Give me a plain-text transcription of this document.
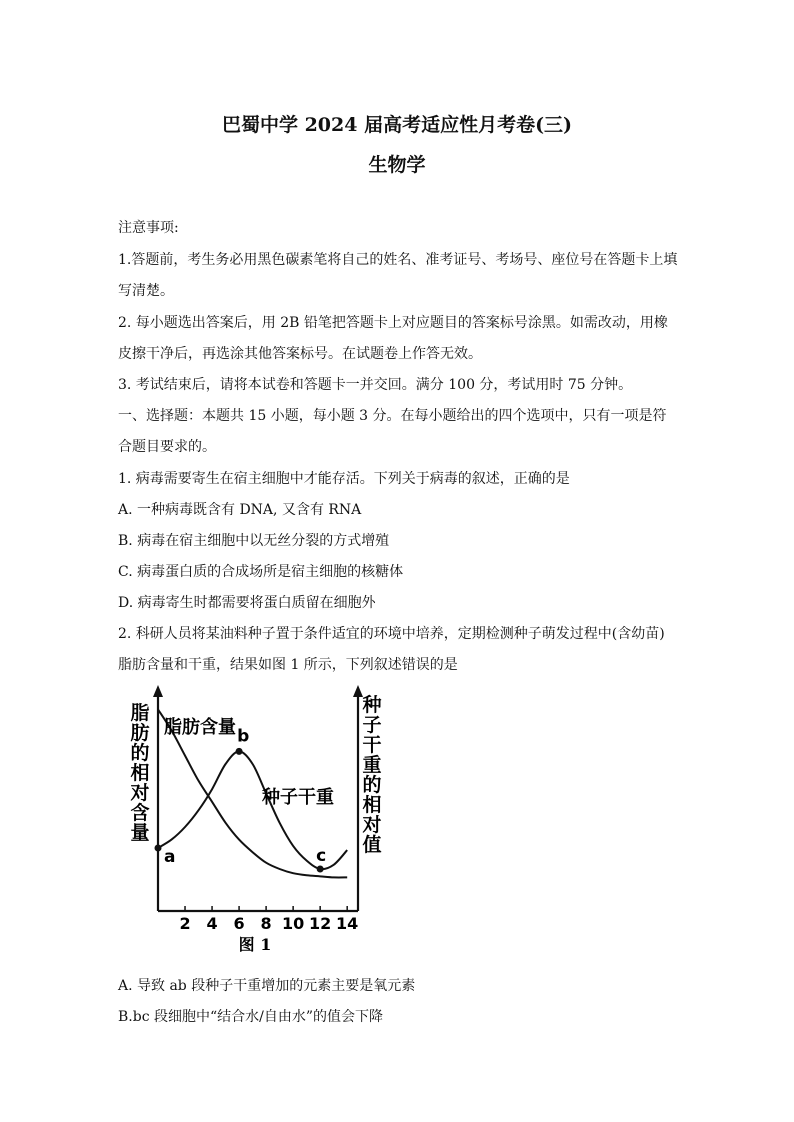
巴蜀中学 2024 届高考适应性月考卷(三)
生物学
注意事项:
1.答题前，考生务必用黑色碳素笔将自己的姓名、准考证号、考场号、座位号在答题卡上填
写清楚。
2. 每小题选出答案后，用 2B 铅笔把答题卡上对应题目的答案标号涂黑。如需改动，用橡
皮擦干净后，再选涂其他答案标号。在试题卷上作答无效。
3. 考试结束后，请将本试卷和答题卡一并交回。满分 100 分，考试用时 75 分钟。
一、选择题：本题共 15 小题，每小题 3 分。在每小题给出的四个选项中，只有一项是符
合题目要求的。
1. 病毒需要寄生在宿主细胞中才能存活。下列关于病毒的叙述，正确的是
A. 一种病毒既含有 DNA, 又含有 RNA
B. 病毒在宿主细胞中以无丝分裂的方式增殖
C. 病毒蛋白质的合成场所是宿主细胞的核糖体
D. 病毒寄生时都需要将蛋白质留在细胞外
2. 科研人员将某油料种子置于条件适宜的环境中培养，定期检测种子萌发过程中(含幼苗)
脂肪含量和干重，结果如图 1 所示，下列叙述错误的是
脂
肪
的
相
对
含
量
种
子
干
重
的
相
对
值
脂肪含量
种子干重
2 4 6 8 10 12 14
a
b
c
图 1
A. 导致 ab 段种子干重增加的元素主要是氧元素
B.bc 段细胞中“结合水/自由水”的值会下降
